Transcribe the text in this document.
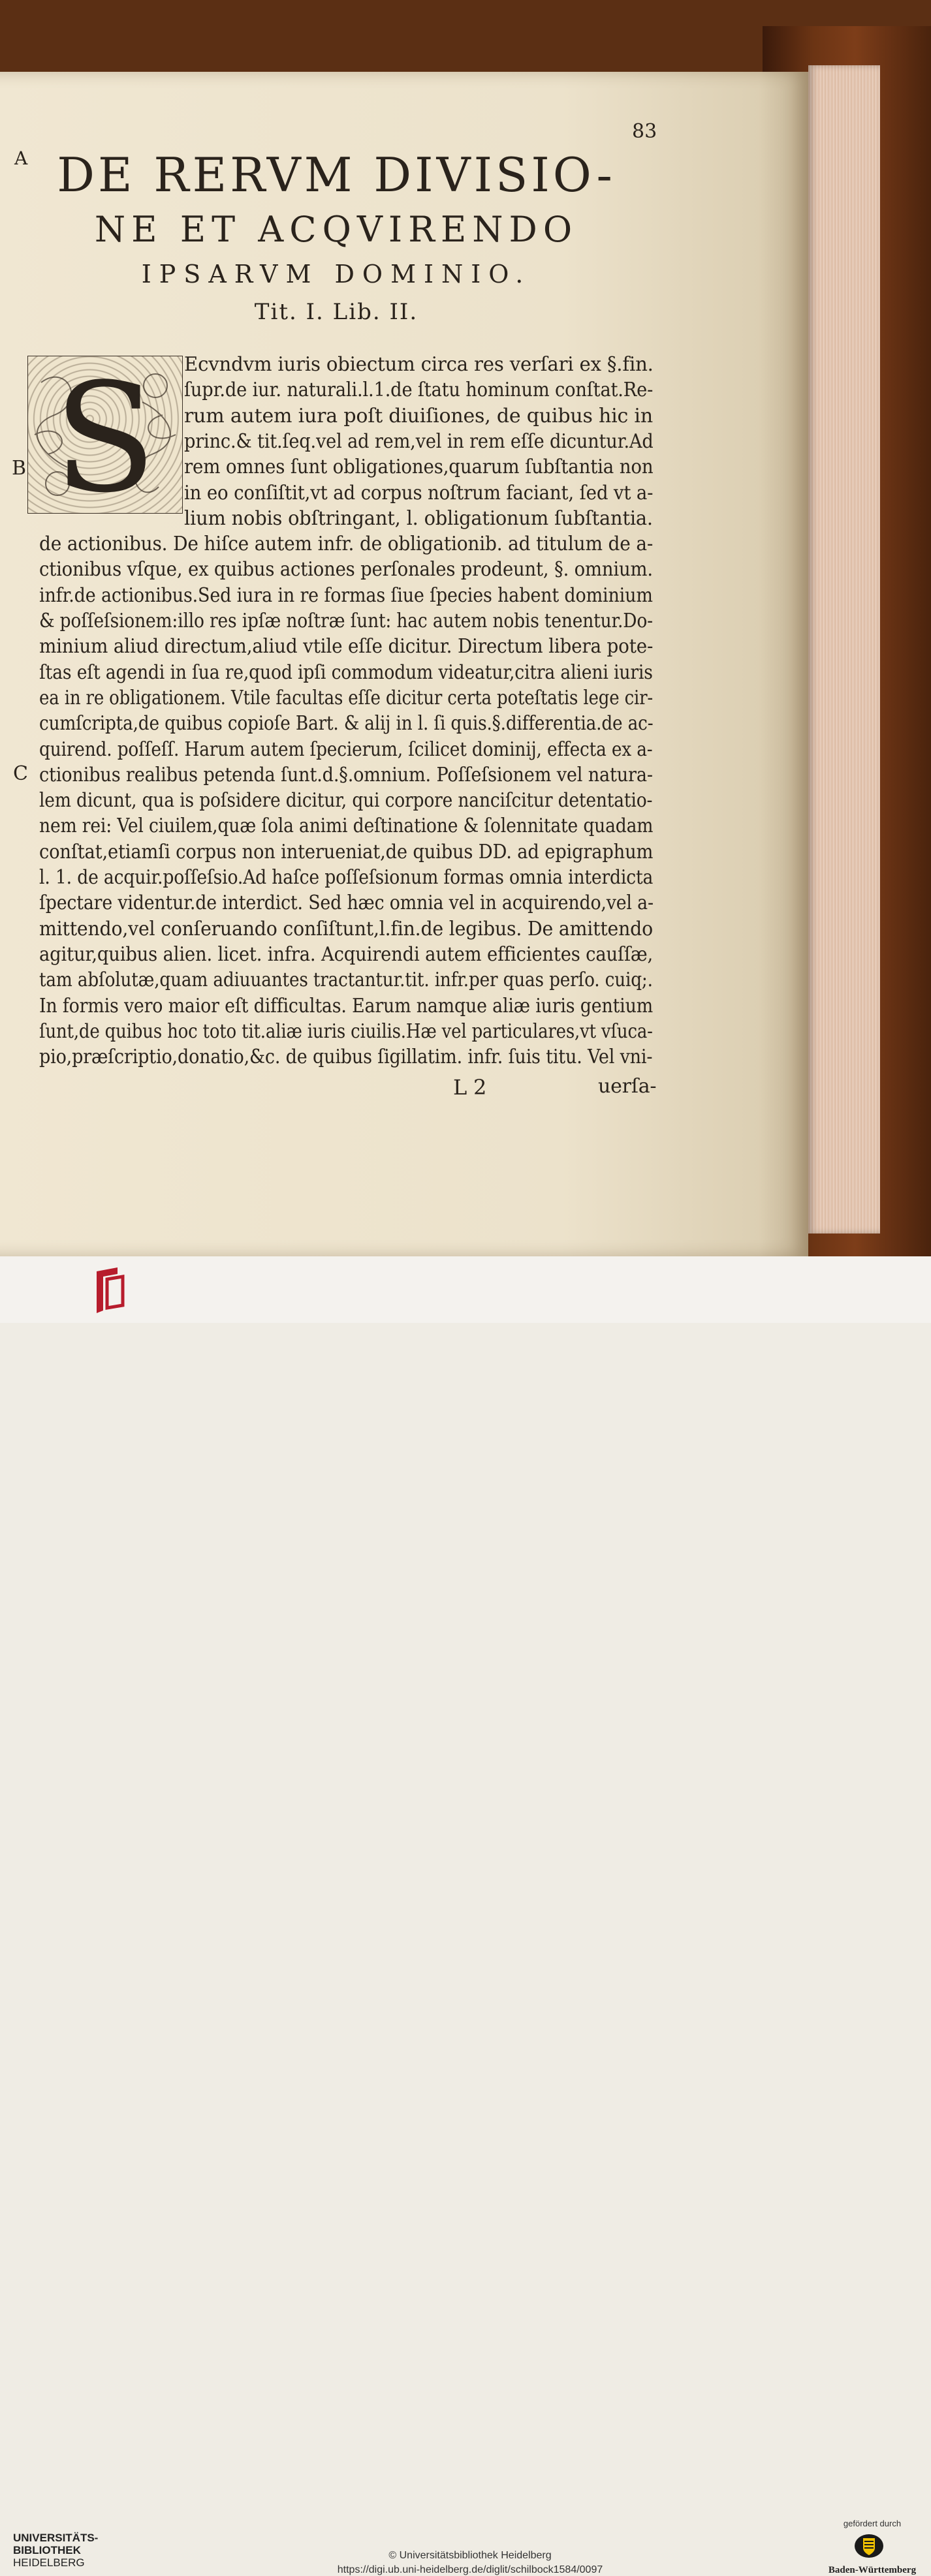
83
A
B
C
DE RERVM DIVISIO-
NE ET ACQVIRENDO
IPSARVM DOMINIO.
Tit. I. Lib. II.
S Ecvndvm iuris obiectum circa res verſari ex §.fin.
ſupr.de iur. naturali.l.1.de ſtatu hominum conſtat.Re-
rum autem iura poſt diuiſiones, de quibus hic in
princ.& tit.ſeq.vel ad rem,vel in rem eſſe dicuntur.Ad
rem omnes ſunt obligationes,quarum ſubſtantia non
in eo conſiſtit,vt ad corpus noſtrum faciant, ſed vt a-
lium nobis obſtringant, l. obligationum ſubſtantia.
de actionibus. De hiſce autem infr. de obligationib. ad titulum de a-
ctionibus vſque, ex quibus actiones perſonales prodeunt, §. omnium.
infr.de actionibus.Sed iura in re formas ſiue ſpecies habent dominium
& poſſeſsionem:illo res ipſæ noſtræ ſunt: hac autem nobis tenentur.Do-
minium aliud directum,aliud vtile eſſe dicitur. Directum libera pote-
ſtas eſt agendi in ſua re,quod ipſi commodum videatur,citra alieni iuris
ea in re obligationem. Vtile facultas eſſe dicitur certa poteſtatis lege cir-
cumſcripta,de quibus copioſe Bart. & alij in l. ſi quis.§.differentia.de ac-
quirend. poſſeſſ. Harum autem ſpecierum, ſcilicet dominij, effecta ex a-
ctionibus realibus petenda ſunt.d.§.omnium. Poſſeſsionem vel natura-
lem dicunt, qua is poſsidere dicitur, qui corpore nanciſcitur detentatio-
nem rei: Vel ciuilem,quæ ſola animi deſtinatione & ſolennitate quadam
conſtat,etiamſi corpus non interueniat,de quibus DD. ad epigraphum
l. 1. de acquir.poſſeſsio.Ad haſce poſſeſsionum formas omnia interdicta
ſpectare videntur.de interdict. Sed hæc omnia vel in acquirendo,vel a-
mittendo,vel conſeruando conſiſtunt,l.fin.de legibus. De amittendo
agitur,quibus alien. licet. infra. Acquirendi autem efficientes cauſſæ,
tam abſolutæ,quam adiuuantes tractantur.tit. infr.per quas perſo. cuiq;.
In formis vero maior eſt difficultas. Earum namque aliæ iuris gentium
ſunt,de quibus hoc toto tit.aliæ iuris ciuilis.Hæ vel particulares,vt vſuca-
pio,præſcriptio,donatio,&c. de quibus ſigillatim. infr. ſuis titu. Vel vni-
L 2	uerſa-
UNIVERSITÄTS-
BIBLIOTHEK
HEIDELBERG
© Universitätsbibliothek Heidelberg
https://digi.ub.uni-heidelberg.de/diglit/schilbock1584/0097
gefördert durch
Baden-Württemberg
